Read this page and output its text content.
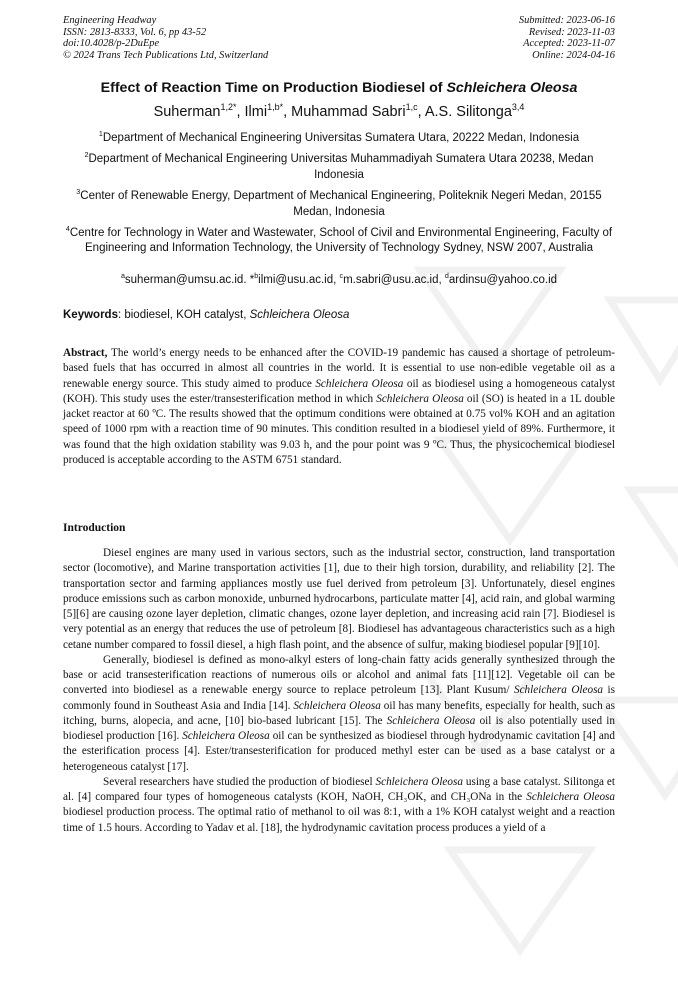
Engineering Headway
ISSN: 2813-8333, Vol. 6, pp 43-52
doi:10.4028/p-2DuEpe
© 2024 Trans Tech Publications Ltd, Switzerland
Submitted: 2023-06-16
Revised: 2023-11-03
Accepted: 2023-11-07
Online: 2024-04-16
Effect of Reaction Time on Production Biodiesel of Schleichera Oleosa
Suherman$^{1,2*}$, Ilmi$^{1,b*}$, Muhammad Sabri$^{1,c}$, A.S. Silitonga$^{3,4}$
$^1$Department of Mechanical Engineering Universitas Sumatera Utara, 20222 Medan, Indonesia
$^2$Department of Mechanical Engineering Universitas Muhammadiyah Sumatera Utara 20238, Medan Indonesia
$^3$Center of Renewable Energy, Department of Mechanical Engineering, Politeknik Negeri Medan, 20155 Medan, Indonesia
$^4$Centre for Technology in Water and Wastewater, School of Civil and Environmental Engineering, Faculty of Engineering and Information Technology, the University of Technology Sydney, NSW 2007, Australia
$^a$suherman@umsu.ac.id. *$^b$ilmi@usu.ac.id, $^c$m.sabri@usu.ac.id, $^d$ardinsu@yahoo.co.id
Keywords: biodiesel, KOH catalyst, Schleichera Oleosa

Abstract, The world’s energy needs to be enhanced after the COVID-19 pandemic has caused a shortage of petroleum-based fuels that has occurred in almost all countries in the world. It is essential to use non-edible vegetable oil as a renewable energy source. This study aimed to produce Schleichera Oleosa oil as biodiesel using a homogeneous catalyst (KOH). This study uses the ester/transesterification method in which Schleichera Oleosa oil (SO) is heated in a 1L double jacket reactor at 60 ºC. The results showed that the optimum conditions were obtained at 0.75 vol% KOH and an agitation speed of 1000 rpm with a reaction time of 90 minutes. This condition resulted in a biodiesel yield of 89%. Furthermore, it was found that the high oxidation stability was 9.03 h, and the pour point was 9 ºC. Thus, the physicochemical biodiesel produced is acceptable according to the ASTM 6751 standard.

Introduction

Diesel engines are many used in various sectors, such as the industrial sector, construction, land transportation sector (locomotive), and Marine transportation activities [1], due to their high torsion, durability, and reliability [2]. The transportation sector and farming appliances mostly use fuel derived from petroleum [3]. Unfortunately, diesel engines produce emissions such as carbon monoxide, unburned hydrocarbons, particulate matter [4], acid rain, and global warming [5][6] are causing ozone layer depletion, climatic changes, ozone layer depletion, and increasing acid rain [7]. Biodiesel is very potential as an energy that reduces the use of petroleum [8]. Biodiesel has advantageous characteristics such as a high cetane number compared to fossil diesel, a high flash point, and the absence of sulfur, making biodiesel popular [9][10].

Generally, biodiesel is defined as mono-alkyl esters of long-chain fatty acids generally synthesized through the base or acid transesterification reactions of numerous oils or alcohol and animal fats [11][12]. Vegetable oil can be converted into biodiesel as a renewable energy source to replace petroleum [13]. Plant Kusum/ Schleichera Oleosa is commonly found in Southeast Asia and India [14]. Schleichera Oleosa oil has many benefits, especially for health, such as itching, burns, alopecia, and acne, [10] bio-based lubricant [15]. The Schleichera Oleosa oil is also potentially used in biodiesel production [16]. Schleichera Oleosa oil can be synthesized as biodiesel through hydrodynamic cavitation [4] and the esterification process [4]. Ester/transesterification for produced methyl ester can be used as a base catalyst or a heterogeneous catalyst [17].

Several researchers have studied the production of biodiesel Schleichera Oleosa using a base catalyst. Silitonga et al. [4] compared four types of homogeneous catalysts (KOH, NaOH, CH₃OK, and CH₃ONa in the Schleichera Oleosa biodiesel production process. The optimal ratio of methanol to oil was 8:1, with a 1% KOH catalyst weight and a reaction time of 1.5 hours. According to Yadav et al. [18], the hydrodynamic cavitation process produces a yield of a
